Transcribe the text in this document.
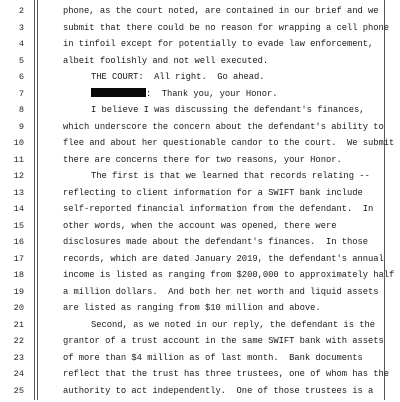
2	phone, as the court noted, are contained in our brief and we
3	submit that there could be no reason for wrapping a cell phone
4	in tinfoil except for potentially to evade law enforcement,
5	albeit foolishly and not well executed.
6	THE COURT:  All right.  Go ahead.
7	:  Thank you, your Honor.
8	I believe I was discussing the defendant's finances,
9	which underscore the concern about the defendant's ability to
10	flee and about her questionable candor to the court.  We submit
11	there are concerns there for two reasons, your Honor.
12	The first is that we learned that records relating --
13	reflecting to client information for a SWIFT bank include
14	self-reported financial information from the defendant.  In
15	other words, when the account was opened, there were
16	disclosures made about the defendant's finances.  In those
17	records, which are dated January 2019, the defendant's annual
18	income is listed as ranging from $200,000 to approximately half
19	a million dollars.  And both her net worth and liquid assets
20	are listed as ranging from $10 million and above.
21	Second, as we noted in our reply, the defendant is the
22	grantor of a trust account in the same SWIFT bank with assets
23	of more than $4 million as of last month.  Bank documents
24	reflect that the trust has three trustees, one of whom has the
25	authority to act independently.  One of those trustees is a
